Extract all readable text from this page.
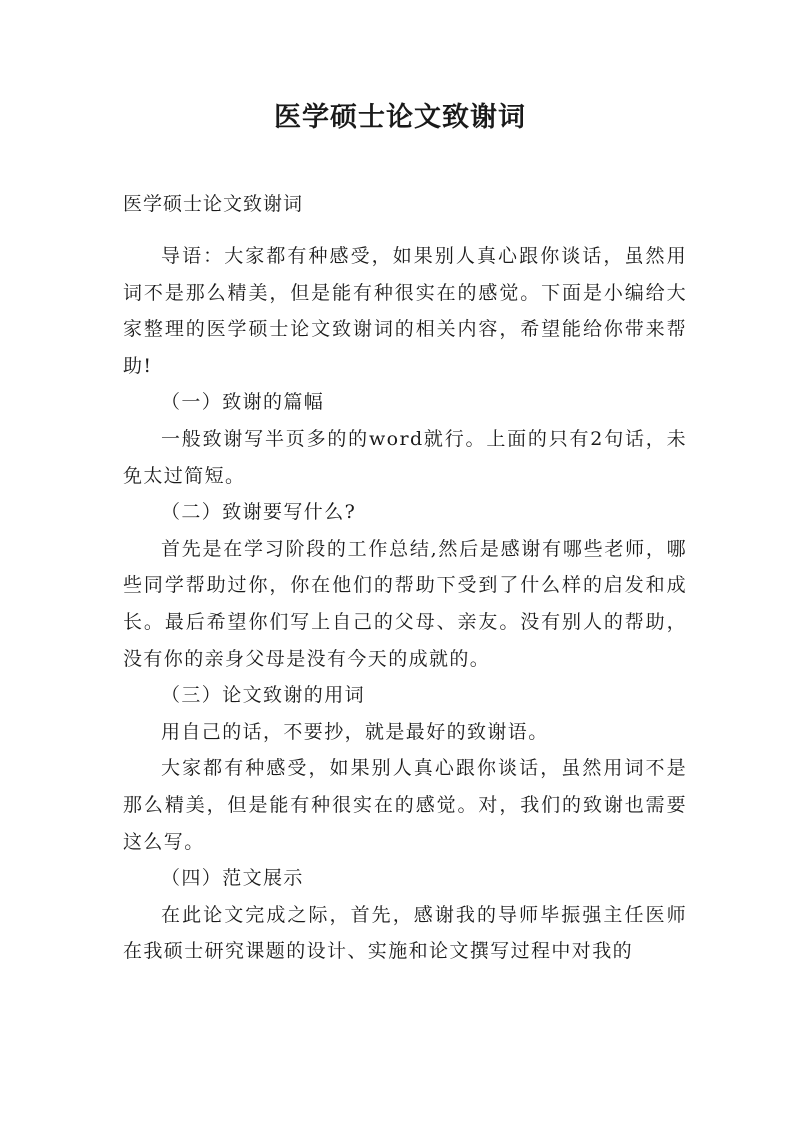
医学硕士论文致谢词
医学硕士论文致谢词

导语：大家都有种感受，如果别人真心跟你谈话，虽然用词不是那么精美，但是能有种很实在的感觉。下面是小编给大家整理的医学硕士论文致谢词的相关内容，希望能给你带来帮助!

（一）致谢的篇幅

一般致谢写半页多的的word就行。上面的只有2句话，未免太过简短。

（二）致谢要写什么?

首先是在学习阶段的工作总结,然后是感谢有哪些老师，哪些同学帮助过你，你在他们的帮助下受到了什么样的启发和成长。最后希望你们写上自己的父母、亲友。没有别人的帮助，没有你的亲身父母是没有今天的成就的。

（三）论文致谢的用词

用自己的话，不要抄，就是最好的致谢语。

大家都有种感受，如果别人真心跟你谈话，虽然用词不是那么精美，但是能有种很实在的感觉。对，我们的致谢也需要这么写。

（四）范文展示

在此论文完成之际，首先，感谢我的导师毕振强主任医师在我硕士研究课题的设计、实施和论文撰写过程中对我的
